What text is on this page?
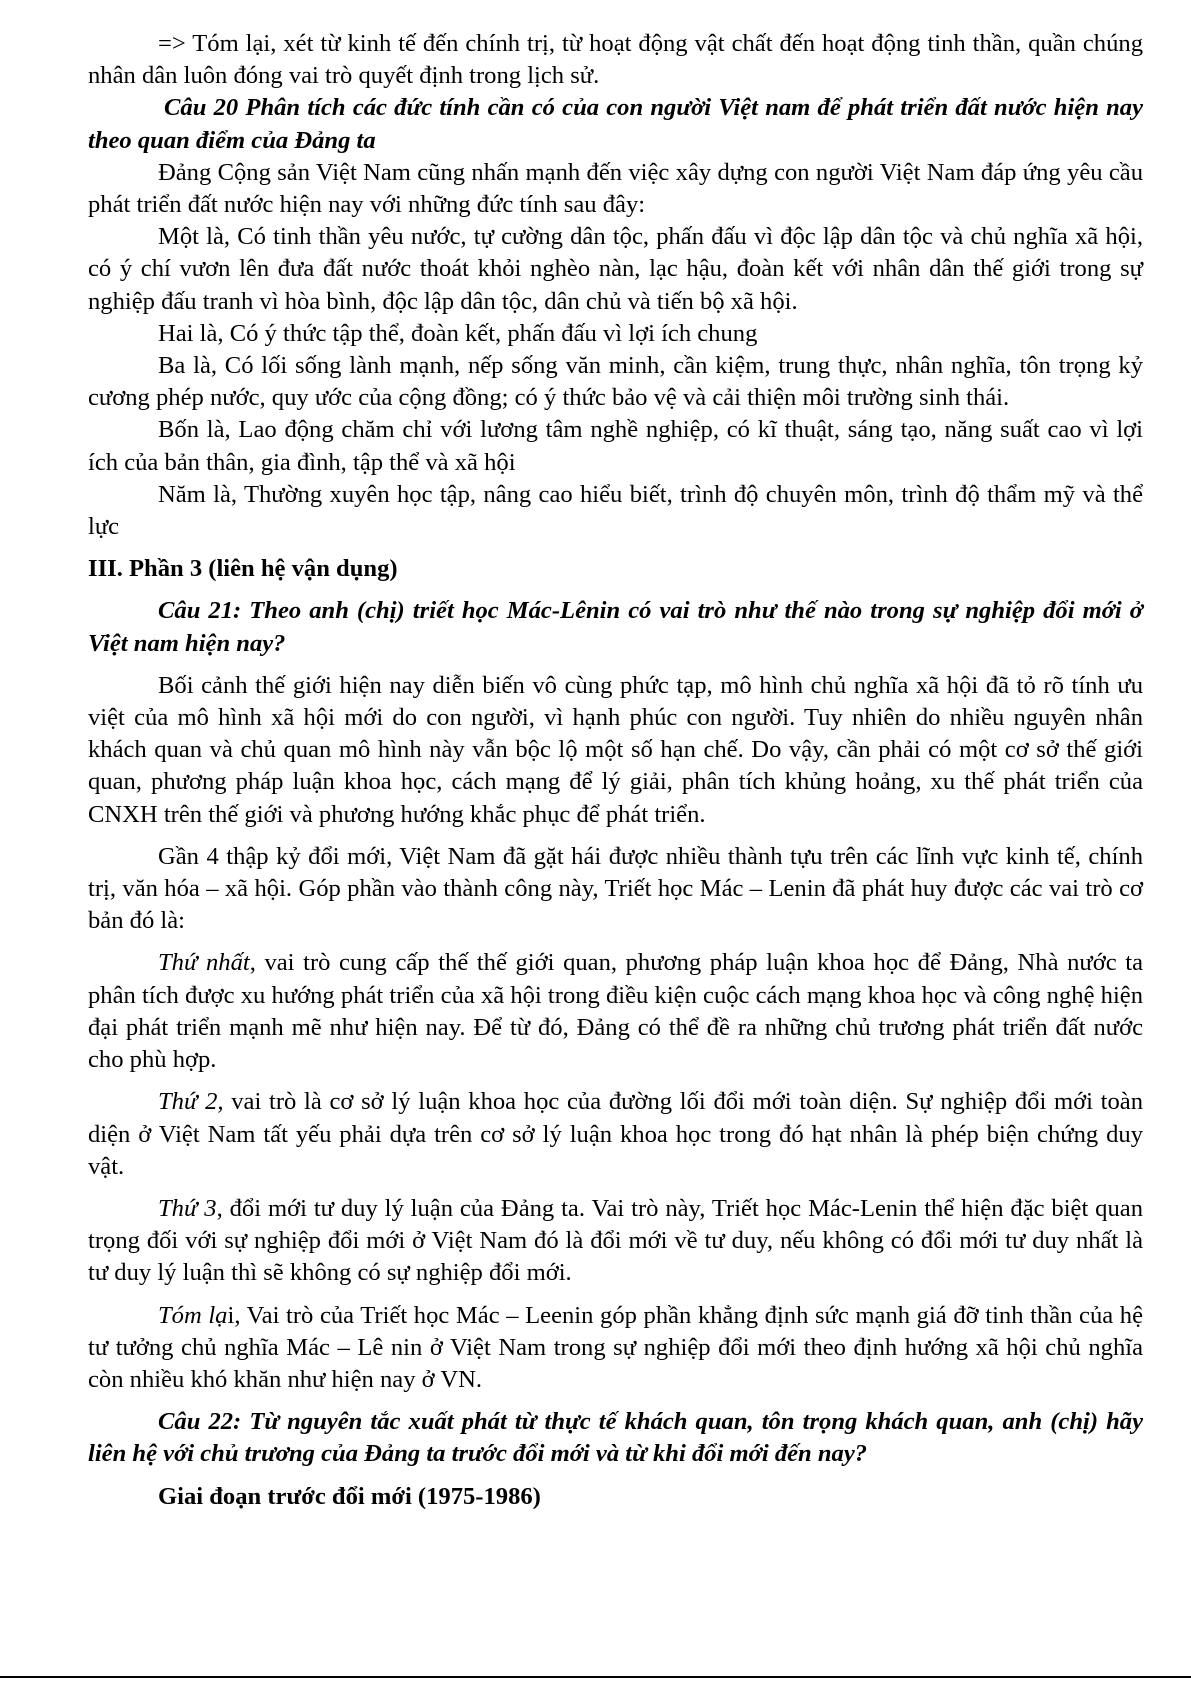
=> Tóm lại, xét từ kinh tế đến chính trị, từ hoạt động vật chất đến hoạt động tinh thần, quần chúng nhân dân luôn đóng vai trò quyết định trong lịch sử.

Câu 20 Phân tích các đức tính cần có của con người Việt nam để phát triển đất nước hiện nay theo quan điểm của Đảng ta

Đảng Cộng sản Việt Nam cũng nhấn mạnh đến việc xây dựng con người Việt Nam đáp ứng yêu cầu phát triển đất nước hiện nay với những đức tính sau đây:

Một là, Có tinh thần yêu nước, tự cường dân tộc, phấn đấu vì độc lập dân tộc và chủ nghĩa xã hội, có ý chí vươn lên đưa đất nước thoát khỏi nghèo nàn, lạc hậu, đoàn kết với nhân dân thế giới trong sự nghiệp đấu tranh vì hòa bình, độc lập dân tộc, dân chủ và tiến bộ xã hội.

Hai là, Có ý thức tập thể, đoàn kết, phấn đấu vì lợi ích chung

Ba là, Có lối sống lành mạnh, nếp sống văn minh, cần kiệm, trung thực, nhân nghĩa, tôn trọng kỷ cương phép nước, quy ước của cộng đồng; có ý thức bảo vệ và cải thiện môi trường sinh thái.

Bốn là, Lao động chăm chỉ với lương tâm nghề nghiệp, có kĩ thuật, sáng tạo, năng suất cao vì lợi ích của bản thân, gia đình, tập thể và xã hội

Năm là, Thường xuyên học tập, nâng cao hiểu biết, trình độ chuyên môn, trình độ thẩm mỹ và thể lực

III. Phần 3 (liên hệ vận dụng)

Câu 21: Theo anh (chị) triết học Mác-Lênin có vai trò như thế nào trong sự nghiệp đổi mới ở Việt nam hiện nay?

Bối cảnh thế giới hiện nay diễn biến vô cùng phức tạp, mô hình chủ nghĩa xã hội đã tỏ rõ tính ưu việt của mô hình xã hội mới do con người, vì hạnh phúc con người. Tuy nhiên do nhiều nguyên nhân khách quan và chủ quan mô hình này vẫn bộc lộ một số hạn chế. Do vậy, cần phải có một cơ sở thế giới quan, phương pháp luận khoa học, cách mạng để lý giải, phân tích khủng hoảng, xu thế phát triển của CNXH trên thế giới và phương hướng khắc phục để phát triển.

Gần 4 thập kỷ đổi mới, Việt Nam đã gặt hái được nhiều thành tựu trên các lĩnh vực kinh tế, chính trị, văn hóa – xã hội. Góp phần vào thành công này, Triết học Mác – Lenin đã phát huy được các vai trò cơ bản đó là:

Thứ nhất, vai trò cung cấp thế thế giới quan, phương pháp luận khoa học để Đảng, Nhà nước ta phân tích được xu hướng phát triển của xã hội trong điều kiện cuộc cách mạng khoa học và công nghệ hiện đại phát triển mạnh mẽ như hiện nay. Để từ đó, Đảng có thể đề ra những chủ trương phát triển đất nước cho phù hợp.

Thứ 2, vai trò là cơ sở lý luận khoa học của đường lối đổi mới toàn diện. Sự nghiệp đổi mới toàn diện ở Việt Nam tất yếu phải dựa trên cơ sở lý luận khoa học trong đó hạt nhân là phép biện chứng duy vật.

Thứ 3, đổi mới tư duy lý luận của Đảng ta. Vai trò này, Triết học Mác-Lenin thể hiện đặc biệt quan trọng đối với sự nghiệp đổi mới ở Việt Nam đó là đổi mới về tư duy, nếu không có đổi mới tư duy nhất là tư duy lý luận thì sẽ không có sự nghiệp đổi mới.

Tóm lại, Vai trò của Triết học Mác – Leenin góp phần khẳng định sức mạnh giá đỡ tinh thần của hệ tư tưởng chủ nghĩa Mác – Lê nin ở Việt Nam trong sự nghiệp đổi mới theo định hướng xã hội chủ nghĩa còn nhiều khó khăn như hiện nay ở VN.

Câu 22: Từ nguyên tắc xuất phát từ thực tế khách quan, tôn trọng khách quan, anh (chị) hãy liên hệ với chủ trương của Đảng ta trước đổi mới và từ khi đổi mới đến nay?

Giai đoạn trước đổi mới (1975-1986)
